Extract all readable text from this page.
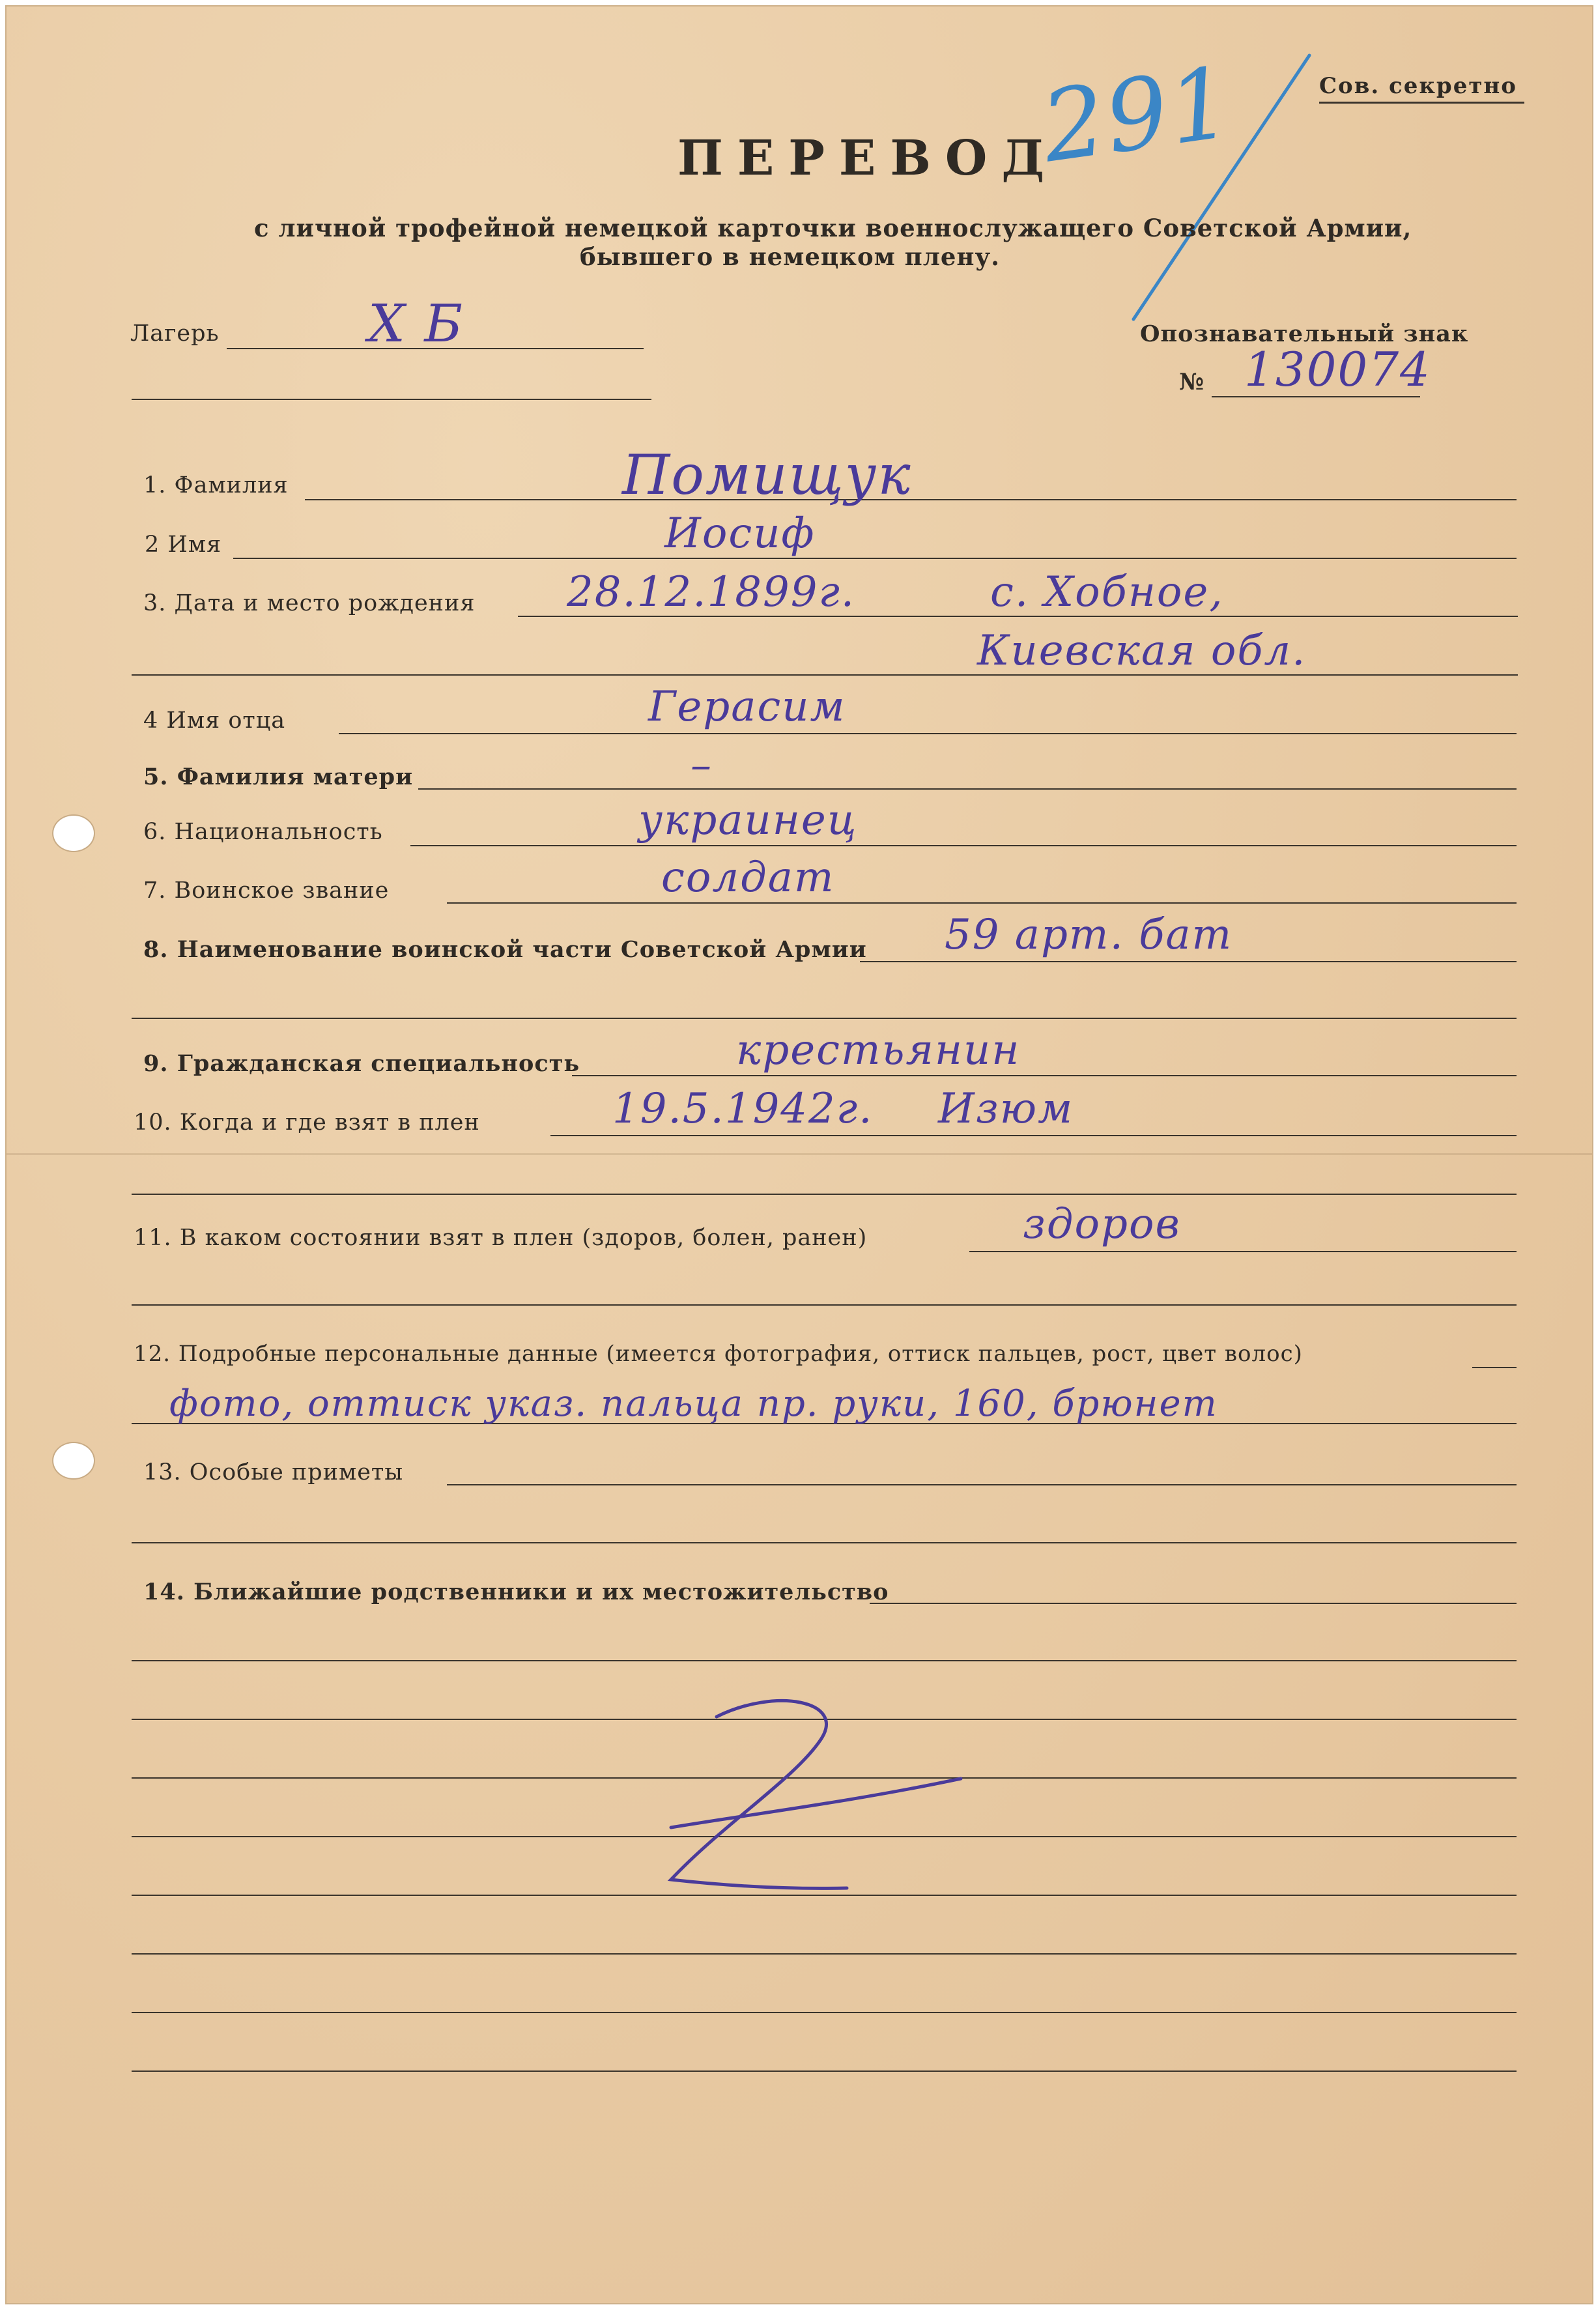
Сов. секретно
291
ПЕРЕВОД
с личной трофейной немецкой карточки военнослужащего Советской Армии,
бывшего в немецком плену.
Лагерь	Х Б	Опознавательный знак
№ 130074
1. Фамилия	Помищук
2 Имя	Иосиф
3. Дата и место рождения 28.12.1899г.	с. Хобное,
Киевская обл.
4 Имя отца	Герасим
5. Фамилия матери	–
6. Национальность	украинец
7. Воинское звание	солдат
8. Наименование воинской части Советской Армии 59 арт. бат
9. Гражданская специальность	крестьянин
10. Когда и где взят в плен	19.5.1942г. Изюм
11. В каком состоянии взят в плен (здоров, болен, ранен)	здоров
12. Подробные персональные данные (имеется фотография, оттиск пальцев, рост, цвет волос)
фото, оттиск указ. пальца пр. руки, 160, брюнет
13. Особые приметы
14. Ближайшие родственники и их местожительство
